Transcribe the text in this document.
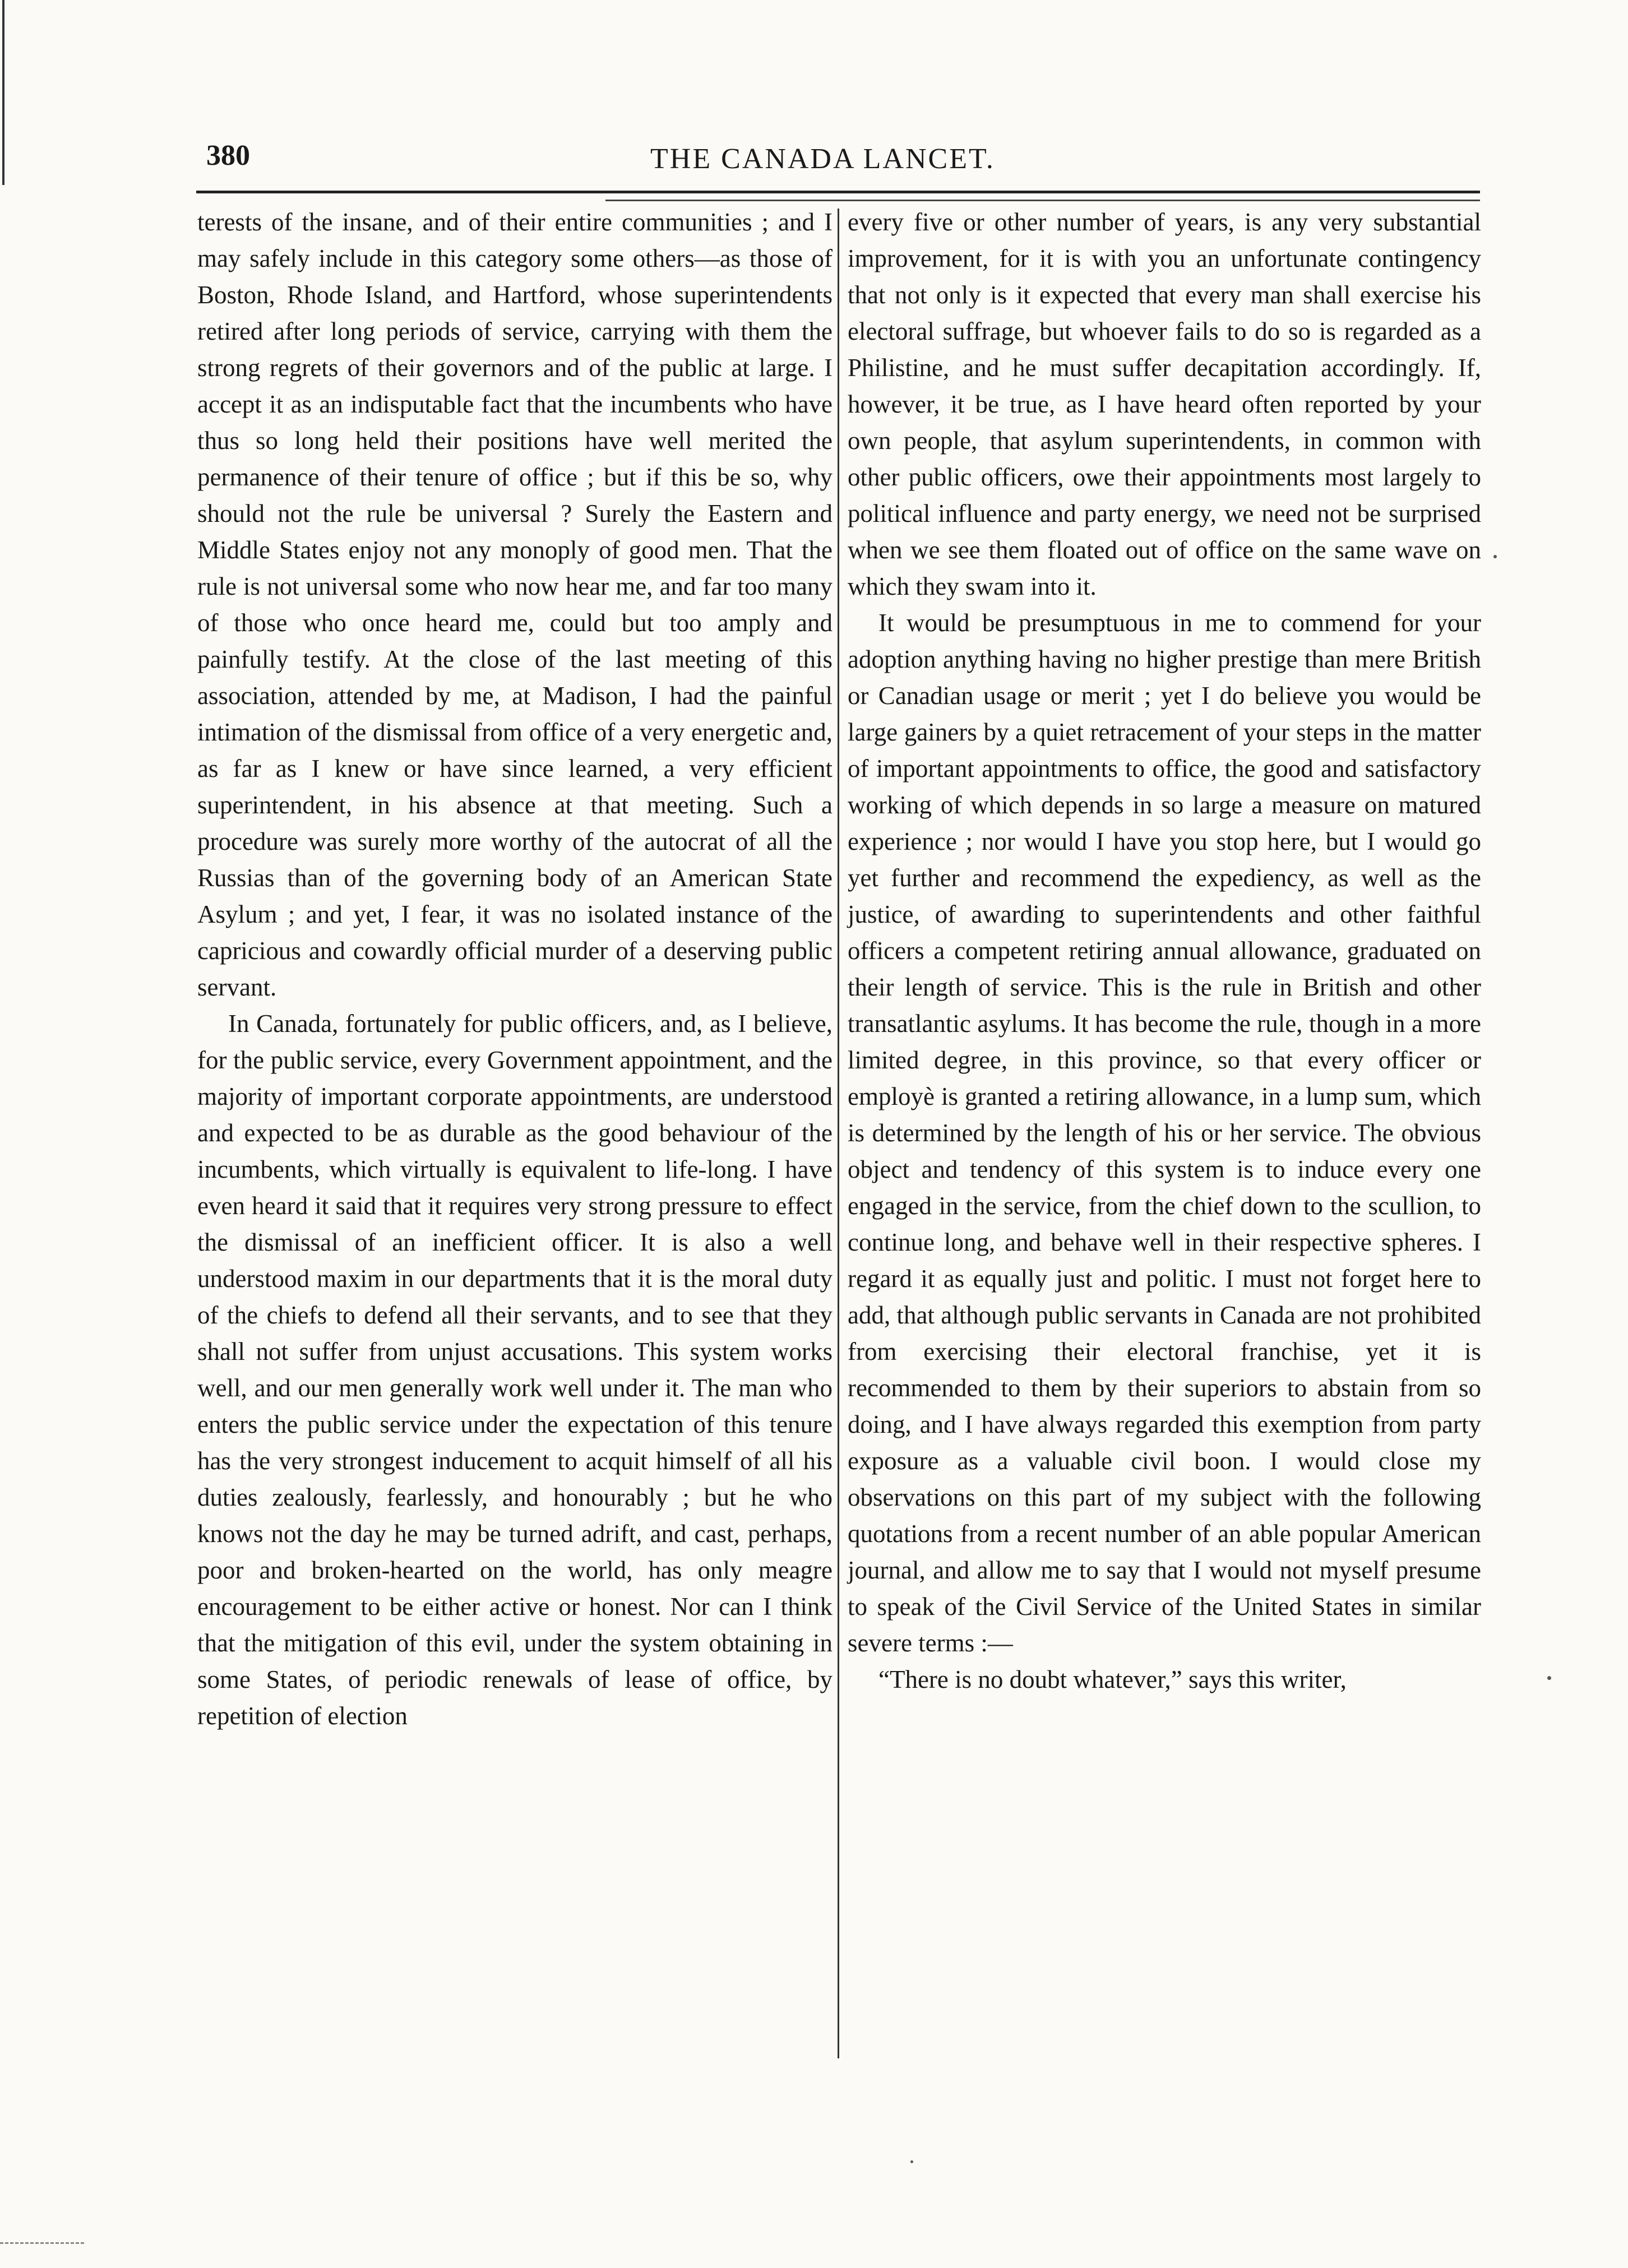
380	THE CANADA LANCET.

terests of the insane, and of their entire communities ; and I may safely include in this category some others—as those of Boston, Rhode Island, and Hartford, whose superintendents retired after long periods of service, carrying with them the strong regrets of their governors and of the public at large. I accept it as an indisputable fact that the incumbents who have thus so long held their positions have well merited the permanence of their tenure of office ; but if this be so, why should not the rule be universal ? Surely the Eastern and Middle States enjoy not any monoply of good men. That the rule is not universal some who now hear me, and far too many of those who once heard me, could but too amply and painfully testify. At the close of the last meeting of this association, attended by me, at Madison, I had the painful intimation of the dismissal from office of a very energetic and, as far as I knew or have since learned, a very efficient superintendent, in his absence at that meeting. Such a procedure was surely more worthy of the autocrat of all the Russias than of the governing body of an American State Asylum ; and yet, I fear, it was no isolated instance of the capricious and cowardly official murder of a deserving public servant.

In Canada, fortunately for public officers, and, as I believe, for the public service, every Government appointment, and the majority of important corporate appointments, are understood and expected to be as durable as the good behaviour of the incumbents, which virtually is equivalent to life-long. I have even heard it said that it requires very strong pressure to effect the dismissal of an inefficient officer. It is also a well understood maxim in our departments that it is the moral duty of the chiefs to defend all their servants, and to see that they shall not suffer from unjust accusations. This system works well, and our men generally work well under it. The man who enters the public service under the expectation of this tenure has the very strongest inducement to acquit himself of all his duties zealously, fearlessly, and honourably ; but he who knows not the day he may be turned adrift, and cast, perhaps, poor and broken-hearted on the world, has only meagre encouragement to be either active or honest. Nor can I think that the mitigation of this evil, under the system obtaining in some States, of periodic renewals of lease of office, by repetition of election

every five or other number of years, is any very substantial improvement, for it is with you an unfortunate contingency that not only is it expected that every man shall exercise his electoral suffrage, but whoever fails to do so is regarded as a Philistine, and he must suffer decapitation accordingly. If, however, it be true, as I have heard often reported by your own people, that asylum superintendents, in common with other public officers, owe their appointments most largely to political influence and party energy, we need not be surprised when we see them floated out of office on the same wave on which they swam into it.

It would be presumptuous in me to commend for your adoption anything having no higher prestige than mere British or Canadian usage or merit ; yet I do believe you would be large gainers by a quiet retracement of your steps in the matter of important appointments to office, the good and satisfactory working of which depends in so large a measure on matured experience ; nor would I have you stop here, but I would go yet further and recommend the expediency, as well as the justice, of awarding to superintendents and other faithful officers a competent retiring annual allowance, graduated on their length of service. This is the rule in British and other transatlantic asylums. It has become the rule, though in a more limited degree, in this province, so that every officer or employè is granted a retiring allowance, in a lump sum, which is determined by the length of his or her service. The obvious object and tendency of this system is to induce every one engaged in the service, from the chief down to the scullion, to continue long, and behave well in their respective spheres. I regard it as equally just and politic. I must not forget here to add, that although public servants in Canada are not prohibited from exercising their electoral franchise, yet it is recommended to them by their superiors to abstain from so doing, and I have always regarded this exemption from party exposure as a valuable civil boon. I would close my observations on this part of my subject with the following quotations from a recent number of an able popular American journal, and allow me to say that I would not myself presume to speak of the Civil Service of the United States in similar severe terms :—

“There is no doubt whatever,” says this writer,
